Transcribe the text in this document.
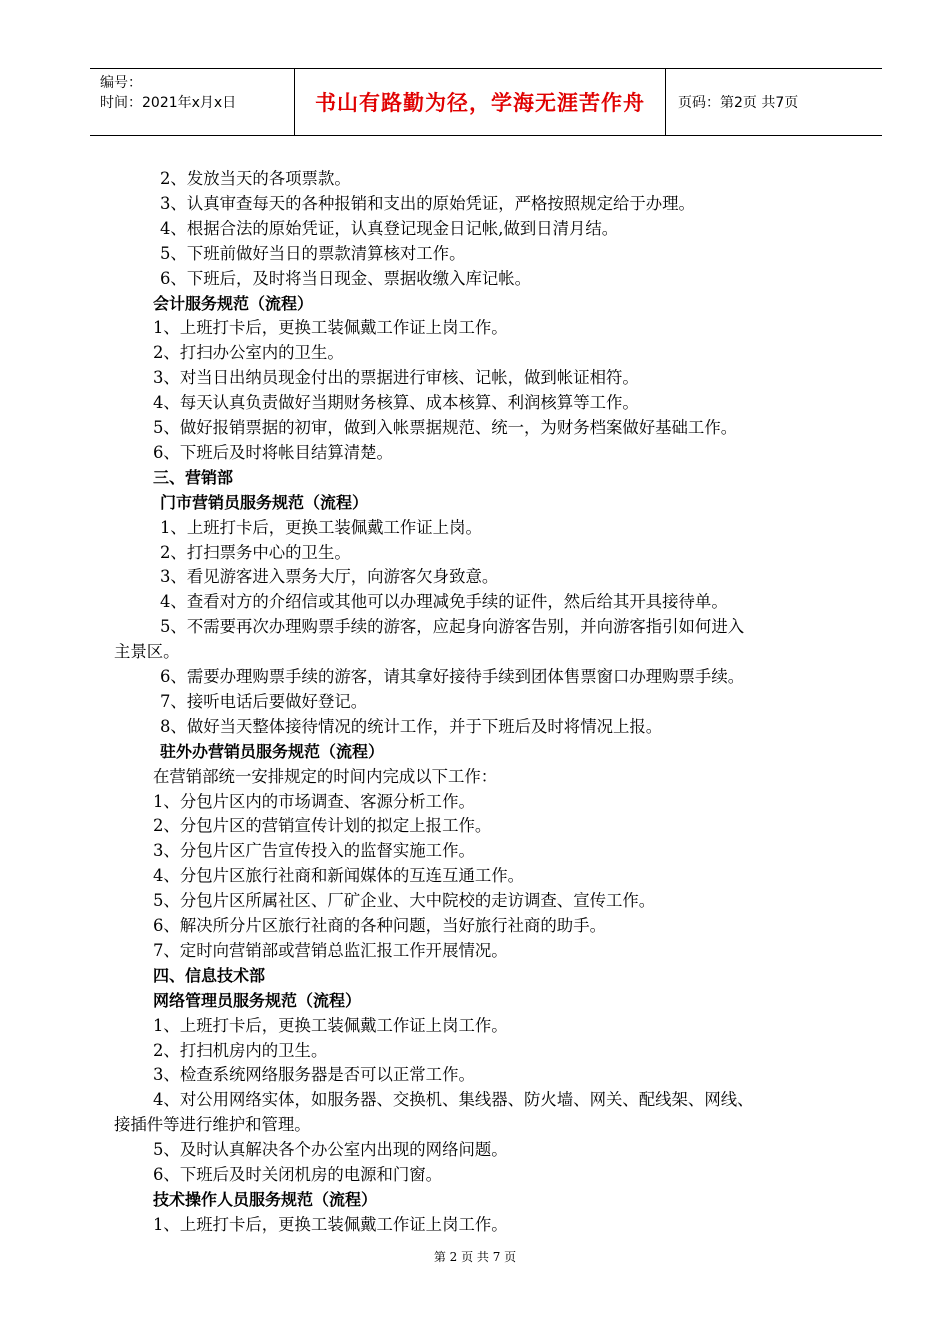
编号：
时间：2021年x月x日	书山有路勤为径，学海无涯苦作舟	页码：第2页 共7页
2、发放当天的各项票款。
3、认真审查每天的各种报销和支出的原始凭证，严格按照规定给于办理。
4、根据合法的原始凭证，认真登记现金日记帐,做到日清月结。
5、下班前做好当日的票款清算核对工作。
6、下班后，及时将当日现金、票据收缴入库记帐。
会计服务规范（流程）
1、上班打卡后，更换工装佩戴工作证上岗工作。
2、打扫办公室内的卫生。
3、对当日出纳员现金付出的票据进行审核、记帐，做到帐证相符。
4、每天认真负责做好当期财务核算、成本核算、利润核算等工作。
5、做好报销票据的初审，做到入帐票据规范、统一，为财务档案做好基础工作。
6、下班后及时将帐目结算清楚。
三、营销部
门市营销员服务规范（流程）
1、上班打卡后，更换工装佩戴工作证上岗。
2、打扫票务中心的卫生。
3、看见游客进入票务大厅，向游客欠身致意。
4、查看对方的介绍信或其他可以办理减免手续的证件，然后给其开具接待单。
5、不需要再次办理购票手续的游客，应起身向游客告别，并向游客指引如何进入
主景区。
6、需要办理购票手续的游客，请其拿好接待手续到团体售票窗口办理购票手续。
7、接听电话后要做好登记。
8、做好当天整体接待情况的统计工作，并于下班后及时将情况上报。
驻外办营销员服务规范（流程）
在营销部统一安排规定的时间内完成以下工作：
1、分包片区内的市场调查、客源分析工作。
2、分包片区的营销宣传计划的拟定上报工作。
3、分包片区广告宣传投入的监督实施工作。
4、分包片区旅行社商和新闻媒体的互连互通工作。
5、分包片区所属社区、厂矿企业、大中院校的走访调查、宣传工作。
6、解决所分片区旅行社商的各种问题，当好旅行社商的助手。
7、定时向营销部或营销总监汇报工作开展情况。
四、信息技术部
网络管理员服务规范（流程）
1、上班打卡后，更换工装佩戴工作证上岗工作。
2、打扫机房内的卫生。
3、检查系统网络服务器是否可以正常工作。
4、对公用网络实体，如服务器、交换机、集线器、防火墙、网关、配线架、网线、
接插件等进行维护和管理。
5、及时认真解决各个办公室内出现的网络问题。
6、下班后及时关闭机房的电源和门窗。
技术操作人员服务规范（流程）
1、上班打卡后，更换工装佩戴工作证上岗工作。
第 2 页 共 7 页
